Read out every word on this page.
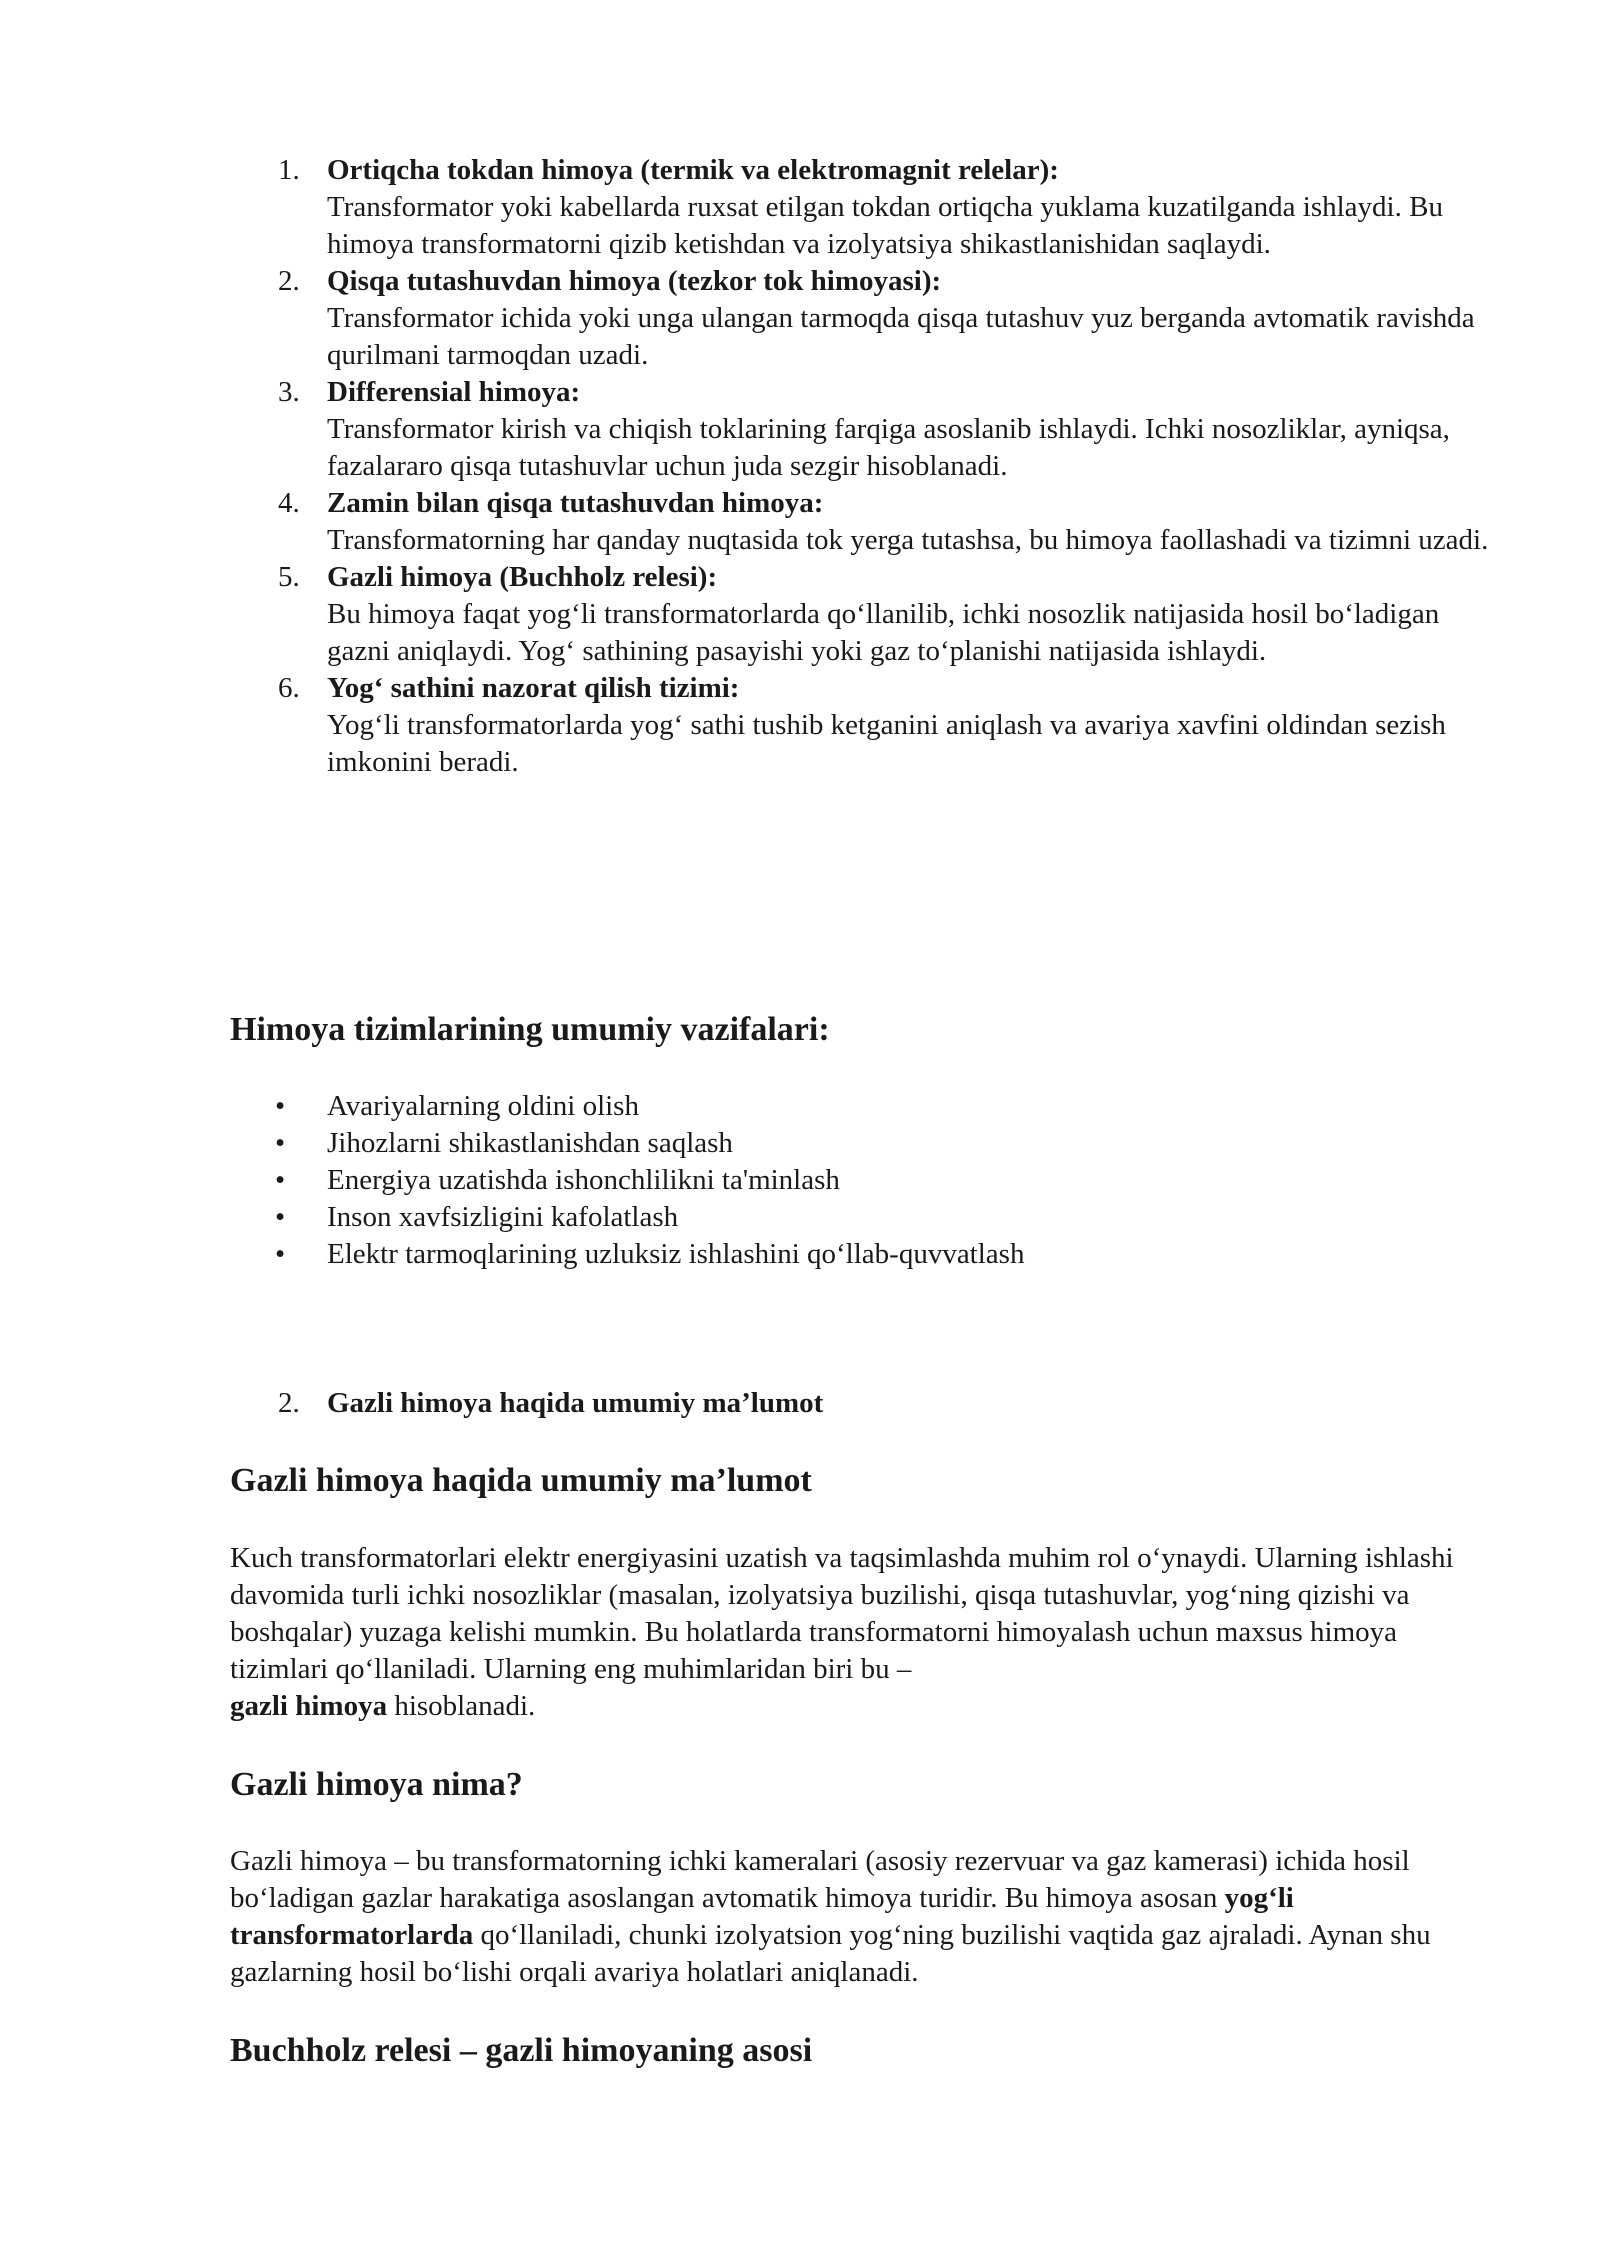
1. Ortiqcha tokdan himoya (termik va elektromagnit relelar):
Transformator yoki kabellarda ruxsat etilgan tokdan ortiqcha yuklama kuzatilganda ishlaydi. Bu himoya transformatorni qizib ketishdan va izolyatsiya shikastlanishidan saqlaydi.
2. Qisqa tutashuvdan himoya (tezkor tok himoyasi):
Transformator ichida yoki unga ulangan tarmoqda qisqa tutashuv yuz berganda avtomatik ravishda qurilmani tarmoqdan uzadi.
3. Differensial himoya:
Transformator kirish va chiqish toklarining farqiga asoslanib ishlaydi. Ichki nosozliklar, ayniqsa, fazalararo qisqa tutashuvlar uchun juda sezgir hisoblanadi.
4. Zamin bilan qisqa tutashuvdan himoya:
Transformatorning har qanday nuqtasida tok yerga tutashsa, bu himoya faollashadi va tizimni uzadi.
5. Gazli himoya (Buchholz relesi):
Bu himoya faqat yog‘li transformatorlarda qo‘llanilib, ichki nosozlik natijasida hosil bo‘ladigan gazni aniqlaydi. Yog‘ sathining pasayishi yoki gaz to‘planishi natijasida ishlaydi.
6. Yog‘ sathini nazorat qilish tizimi:
Yog‘li transformatorlarda yog‘ sathi tushib ketganini aniqlash va avariya xavfini oldindan sezish imkonini beradi.
Himoya tizimlarining umumiy vazifalari:
• Avariyalarning oldini olish
• Jihozlarni shikastlanishdan saqlash
• Energiya uzatishda ishonchlilikni ta'minlash
• Inson xavfsizligini kafolatlash
• Elektr tarmoqlarining uzluksiz ishlashini qo‘llab-quvvatlash
2. Gazli himoya haqida umumiy ma’lumot
Gazli himoya haqida umumiy ma’lumot

Kuch transformatorlari elektr energiyasini uzatish va taqsimlashda muhim rol o‘ynaydi. Ularning ishlashi davomida turli ichki nosozliklar (masalan, izolyatsiya buzilishi, qisqa tutashuvlar, yog‘ning qizishi va boshqalar) yuzaga kelishi mumkin. Bu holatlarda transformatorni himoyalash uchun maxsus himoya tizimlari qo‘llaniladi. Ularning eng muhimlaridan biri bu –
gazli himoya hisoblanadi.

Gazli himoya nima?

Gazli himoya – bu transformatorning ichki kameralari (asosiy rezervuar va gaz kamerasi) ichida hosil bo‘ladigan gazlar harakatiga asoslangan avtomatik himoya turidir. Bu himoya asosan yog‘li transformatorlarda qo‘llaniladi, chunki izolyatsion yog‘ning buzilishi vaqtida gaz ajraladi. Aynan shu gazlarning hosil bo‘lishi orqali avariya holatlari aniqlanadi.

Buchholz relesi – gazli himoyaning asosi
